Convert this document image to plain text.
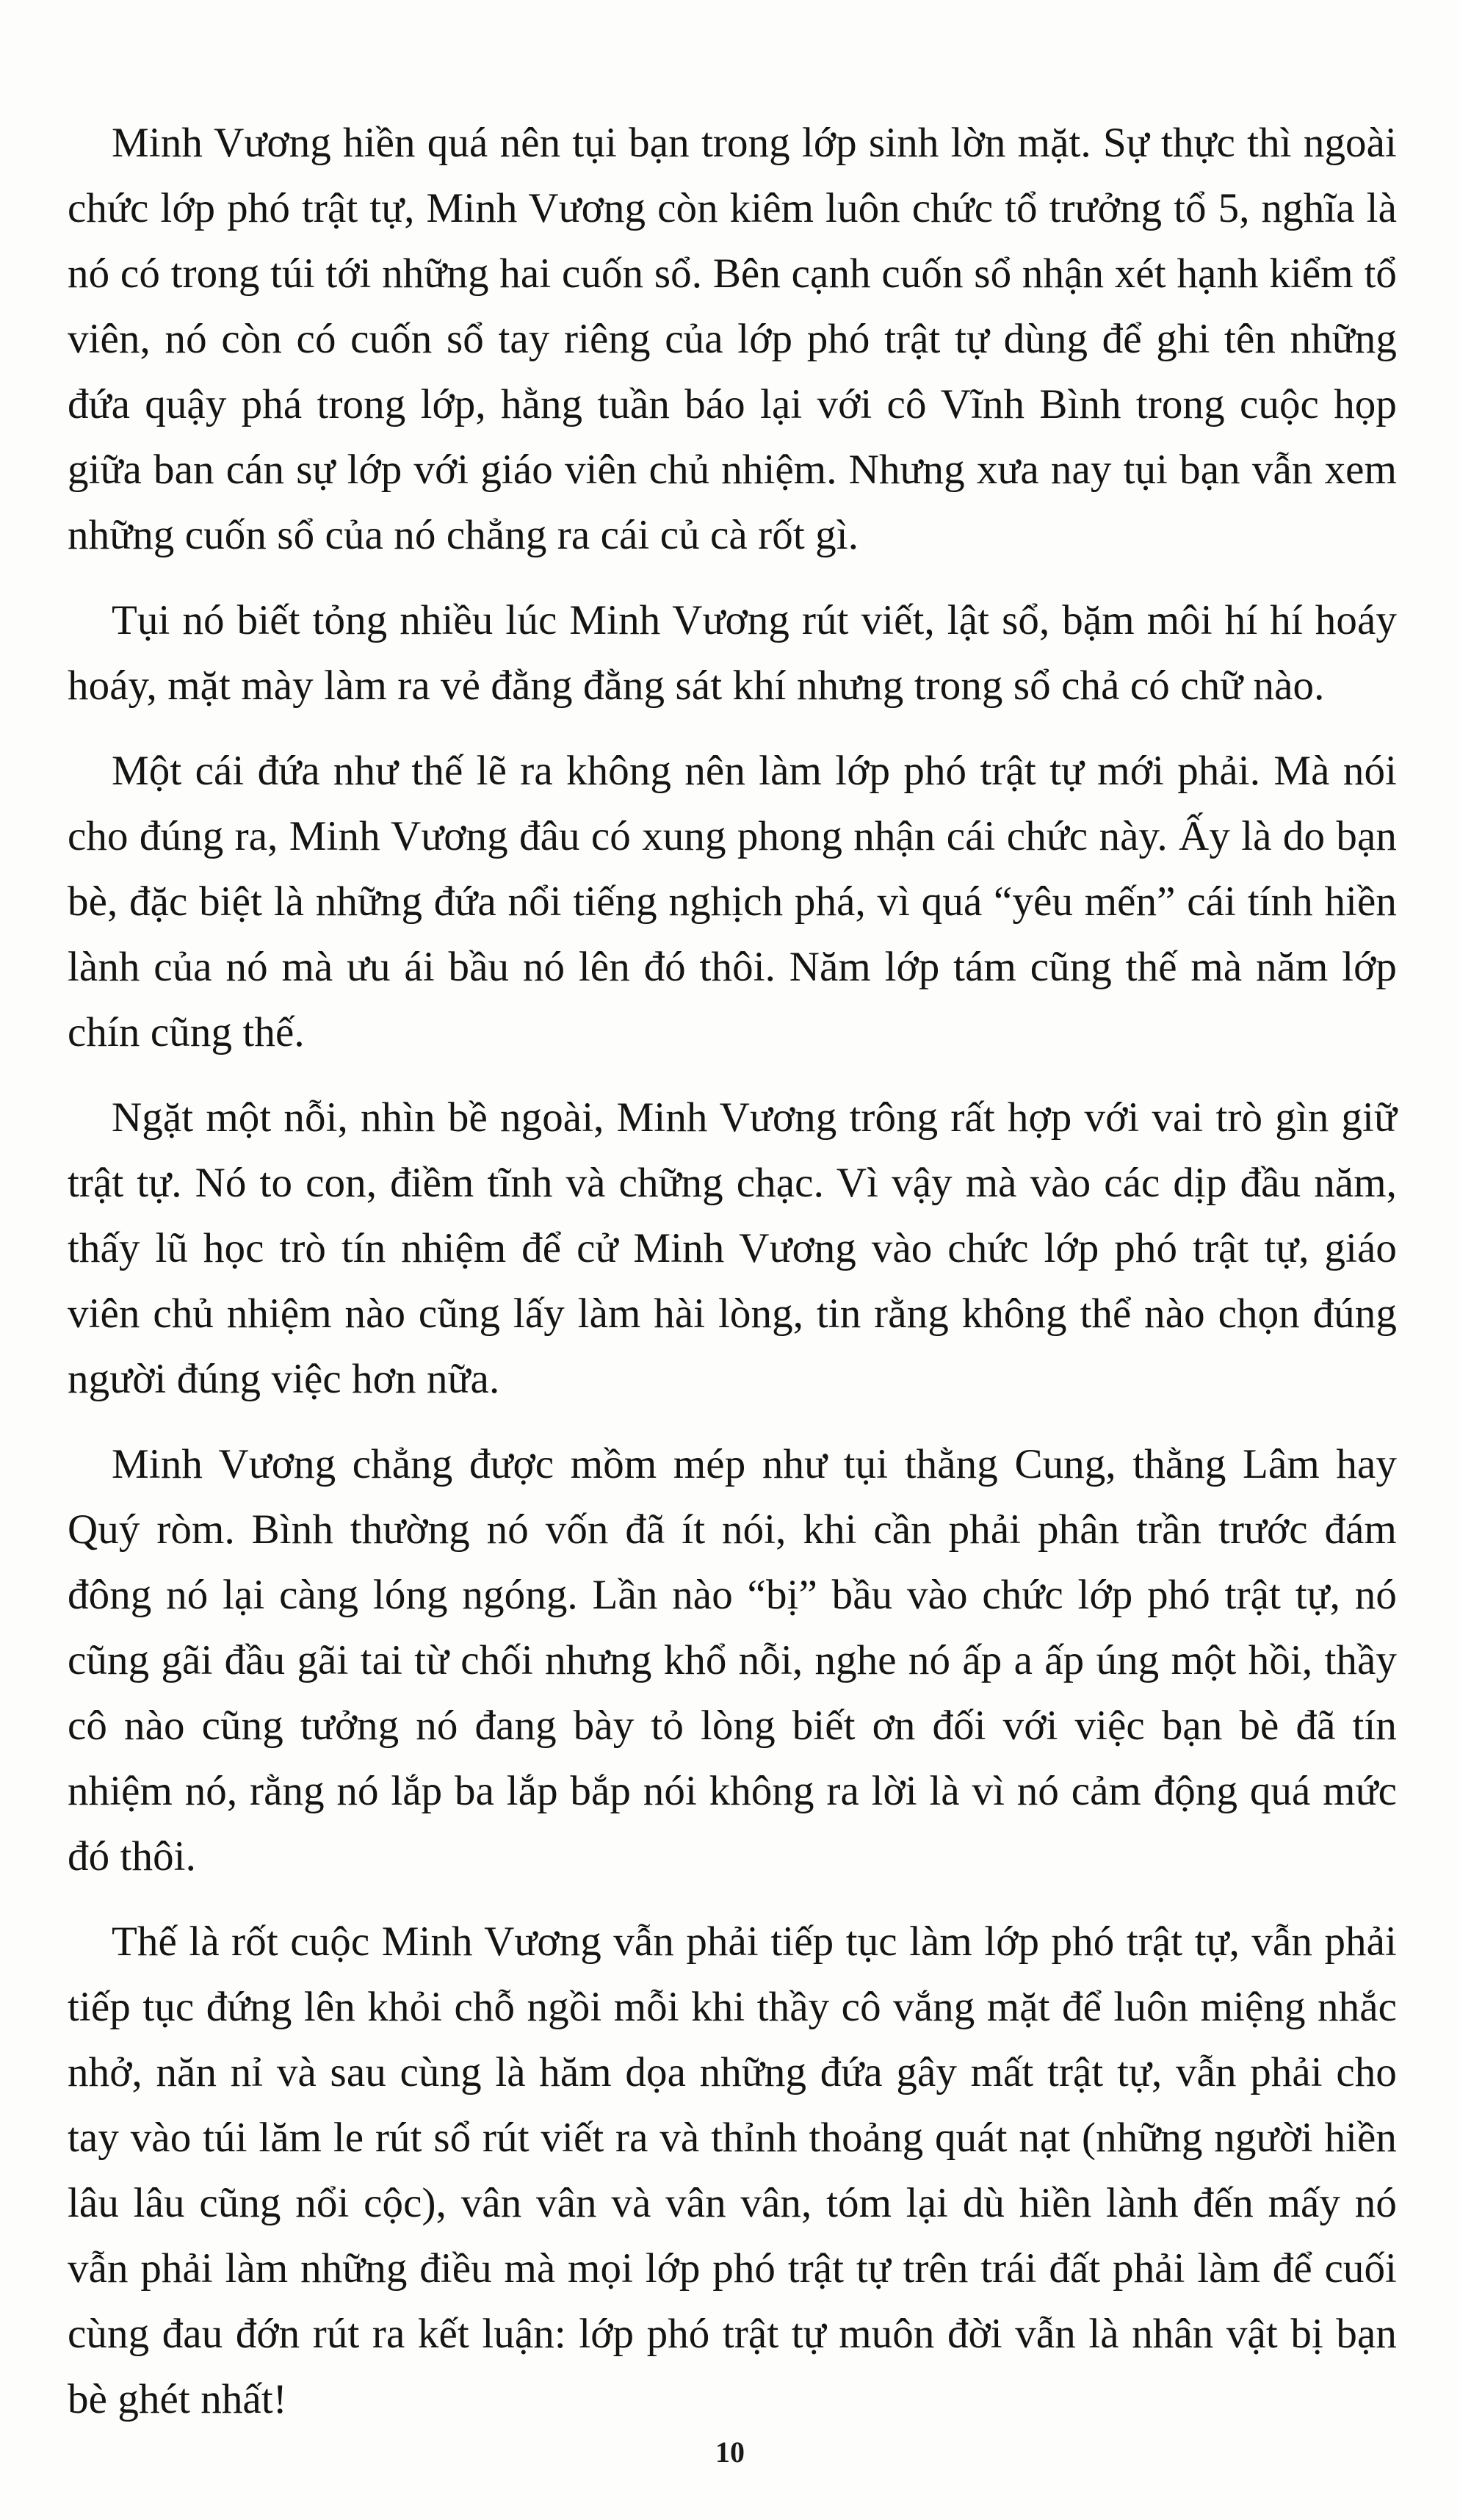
Minh Vương hiền quá nên tụi bạn trong lớp sinh lờn mặt. Sự thực thì ngoài chức lớp phó trật tự, Minh Vương còn kiêm luôn chức tổ trưởng tổ 5, nghĩa là nó có trong túi tới những hai cuốn sổ. Bên cạnh cuốn sổ nhận xét hạnh kiểm tổ viên, nó còn có cuốn sổ tay riêng của lớp phó trật tự dùng để ghi tên những đứa quậy phá trong lớp, hằng tuần báo lại với cô Vĩnh Bình trong cuộc họp giữa ban cán sự lớp với giáo viên chủ nhiệm. Nhưng xưa nay tụi bạn vẫn xem những cuốn sổ của nó chẳng ra cái củ cà rốt gì.

Tụi nó biết tỏng nhiều lúc Minh Vương rút viết, lật sổ, bặm môi hí hí hoáy hoáy, mặt mày làm ra vẻ đằng đằng sát khí nhưng trong sổ chả có chữ nào.

Một cái đứa như thế lẽ ra không nên làm lớp phó trật tự mới phải. Mà nói cho đúng ra, Minh Vương đâu có xung phong nhận cái chức này. Ấy là do bạn bè, đặc biệt là những đứa nổi tiếng nghịch phá, vì quá “yêu mến” cái tính hiền lành của nó mà ưu ái bầu nó lên đó thôi. Năm lớp tám cũng thế mà năm lớp chín cũng thế.

Ngặt một nỗi, nhìn bề ngoài, Minh Vương trông rất hợp với vai trò gìn giữ trật tự. Nó to con, điềm tĩnh và chững chạc. Vì vậy mà vào các dịp đầu năm, thấy lũ học trò tín nhiệm để cử Minh Vương vào chức lớp phó trật tự, giáo viên chủ nhiệm nào cũng lấy làm hài lòng, tin rằng không thể nào chọn đúng người đúng việc hơn nữa.

Minh Vương chẳng được mồm mép như tụi thằng Cung, thằng Lâm hay Quý ròm. Bình thường nó vốn đã ít nói, khi cần phải phân trần trước đám đông nó lại càng lóng ngóng. Lần nào “bị” bầu vào chức lớp phó trật tự, nó cũng gãi đầu gãi tai từ chối nhưng khổ nỗi, nghe nó ấp a ấp úng một hồi, thầy cô nào cũng tưởng nó đang bày tỏ lòng biết ơn đối với việc bạn bè đã tín nhiệm nó, rằng nó lắp ba lắp bắp nói không ra lời là vì nó cảm động quá mức đó thôi.

Thế là rốt cuộc Minh Vương vẫn phải tiếp tục làm lớp phó trật tự, vẫn phải tiếp tục đứng lên khỏi chỗ ngồi mỗi khi thầy cô vắng mặt để luôn miệng nhắc nhở, năn nỉ và sau cùng là hăm dọa những đứa gây mất trật tự, vẫn phải cho tay vào túi lăm le rút sổ rút viết ra và thỉnh thoảng quát nạt (những người hiền lâu lâu cũng nổi cộc), vân vân và vân vân, tóm lại dù hiền lành đến mấy nó vẫn phải làm những điều mà mọi lớp phó trật tự trên trái đất phải làm để cuối cùng đau đớn rút ra kết luận: lớp phó trật tự muôn đời vẫn là nhân vật bị bạn bè ghét nhất!

10
